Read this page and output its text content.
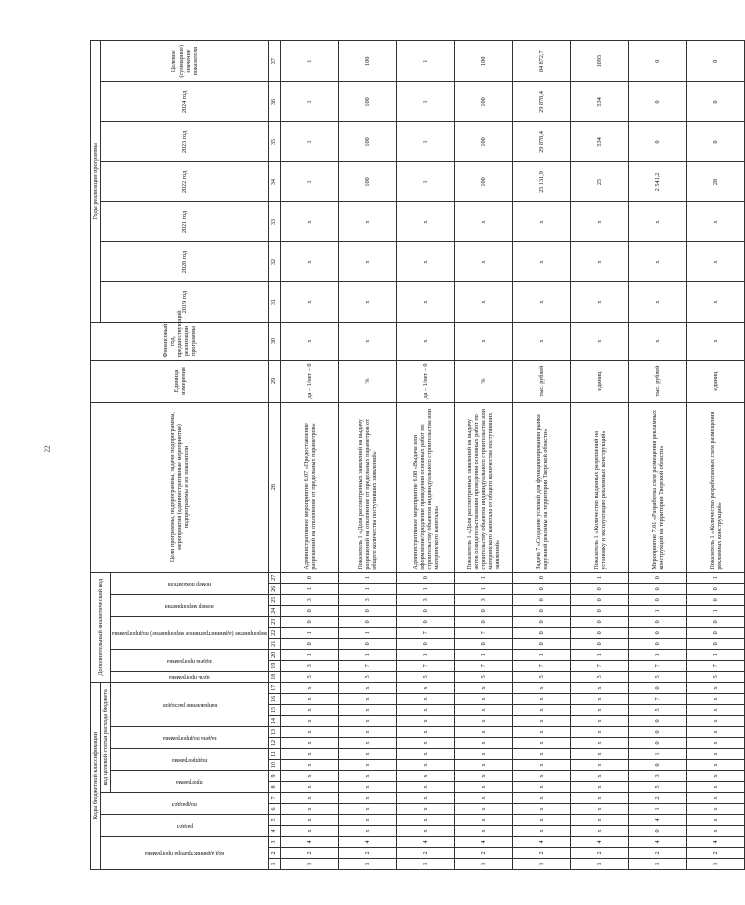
22
Коды бюджетной классификации																	Дополнительный аналитический код										Цели программы, подпрограммы, задачи подпрограммы, мероприятия (административные мероприятия) подпрограммы и их показатели	Единица измерения	Финансовый год, предшествующий реализации программы	Годы реализации программы						

код администратора программы			раздел		подраздел		код целевой статьи расхода бюджета																							2019 год	2020 год	2021 год	2022 год	2023 год	2024 год	Целевое (суммарное) значение показателя

							программа		подпрограмма		задача подпрограммы		направление расходов				цель программы	задача программы		мероприятие (административное мероприятие) подпрограммы			номер мероприятия		номер показателя											

1	2	3	4	5	6	7	8	9	10	11	12	13	14	15	16	17	18	19	20	21	22	23	24	25	26	27	28	29	30	31	32	33	34	35	36	37
1	2	4	х	х	х	х	х	х	х	х	х	х	х	х	х	х	5	3	1	0	1	0	0	3	1	0	Административное мероприятие 6.07 «Предоставление разрешений на отклонение от предельных параметров»	да – 1/нет – 0	х	х	х	х	1	1	1	1
1	2	4	х	х	х	х	х	х	х	х	х	х	х	х	х	х	5	7	1	0	1	0	0	3	1	1	Показатель 1 «Доля рассмотренных заявлений на выдачу разрешений на отклонение от предельных параметров от общего количества поступивших заявлений»	%	х	х	х	х	100	100	100	100
1	2	4	х	х	х	х	х	х	х	х	х	х	х	х	х	х	5	7	1	0	7	0	0	3	1	0	Административное мероприятие 6.08 «Выдача или оформление/продление проведения основных работ по строительству объектов индивидуального строительства или материнского капитала»	да – 1/нет – 0	х	х	х	х	1	1	1	1
1	2	4	х	х	х	х	х	х	х	х	х	х	х	х	х	х	5	7	1	0	7	0	0	3	1	1	Показатель 1 «Доля рассмотренных заявлений на выдачу актов освидетельствования проведения основных работ по строительству объектов индивидуального строительства или материнского капитала от общего количества поступивших заявлений»	%	х	х	х	х	100	100	100	100
1	2	4	х	х	х	х	х	х	х	х	х	х	х	х	х	х	5	7	1	0	0	0	0	0	0	0	Задача 7 «Создание условий для функционирования рынка наружной рекламы на территории Тверской области»	тыс. рублей	х	х	х	х	25 131,9	29 870,4	29 870,4	84 872,7
1	2	4	х	х	х	х	х	х	х	х	х	х	х	х	х	х	5	7	1	0	0	0	0	0	0	1	Показатель 1 «Количество выданных разрешений на установку и эксплуатацию рекламных конструкций»	единиц	х	х	х	х	25	534	534	1093
1	2	4	0	4	1	2	5	3	0	1	0	0	0	5	7	0	5	7	1	0	0	0	1	0	0	0	Мероприятие 7.01 «Разработка схем размещения рекламных конструкций на территории Тверской области»	тыс. рублей	х	х	х	х	2 541,2	0	0	0
1	2	4	х	х	х	х	х	х	х	х	х	х	х	х	х	х	5	7	1	0	0	0	1	0	0	1	Показатель 1 «Количество разработанных схем размещения рекламных конструкций»	единиц	х	х	х	х	28	0	0	0
